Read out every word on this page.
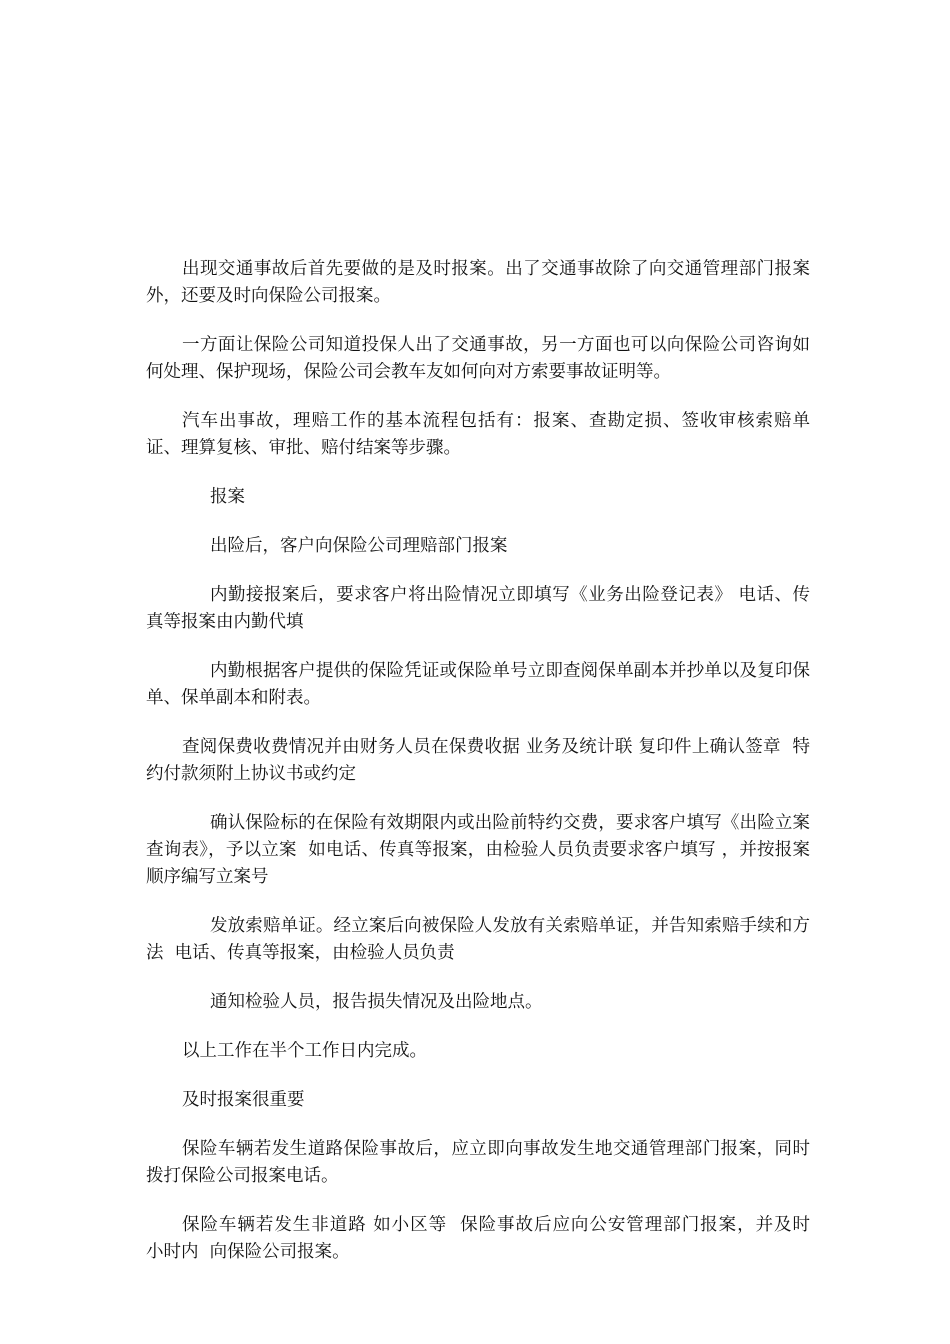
出现交通事故后首先要做的是及时报案。出了交通事故除了向交通管理部门报案外，还要及时向保险公司报案。

一方面让保险公司知道投保人出了交通事故，另一方面也可以向保险公司咨询如何处理、保护现场，保险公司会教车友如何向对方索要事故证明等。

汽车出事故，理赔工作的基本流程包括有：报案、查勘定损、签收审核索赔单证、理算复核、审批、赔付结案等步骤。

报案

出险后，客户向保险公司理赔部门报案

内勤接报案后，要求客户将出险情况立即填写《业务出险登记表》 电话、传真等报案由内勤代填

内勤根据客户提供的保险凭证或保险单号立即查阅保单副本并抄单以及复印保单、保单副本和附表。

查阅保费收费情况并由财务人员在保费收据 业务及统计联 复印件上确认签章  特约付款须附上协议书或约定

确认保险标的在保险有效期限内或出险前特约交费，要求客户填写《出险立案查询表》，予以立案  如电话、传真等报案，由检验人员负责要求客户填写 ，并按报案顺序编写立案号

发放索赔单证。经立案后向被保险人发放有关索赔单证，并告知索赔手续和方法  电话、传真等报案，由检验人员负责

通知检验人员，报告损失情况及出险地点。

以上工作在半个工作日内完成。

及时报案很重要

保险车辆若发生道路保险事故后，应立即向事故发生地交通管理部门报案，同时拨打保险公司报案电话。

保险车辆若发生非道路 如小区等  保险事故后应向公安管理部门报案，并及时       小时内  向保险公司报案。
